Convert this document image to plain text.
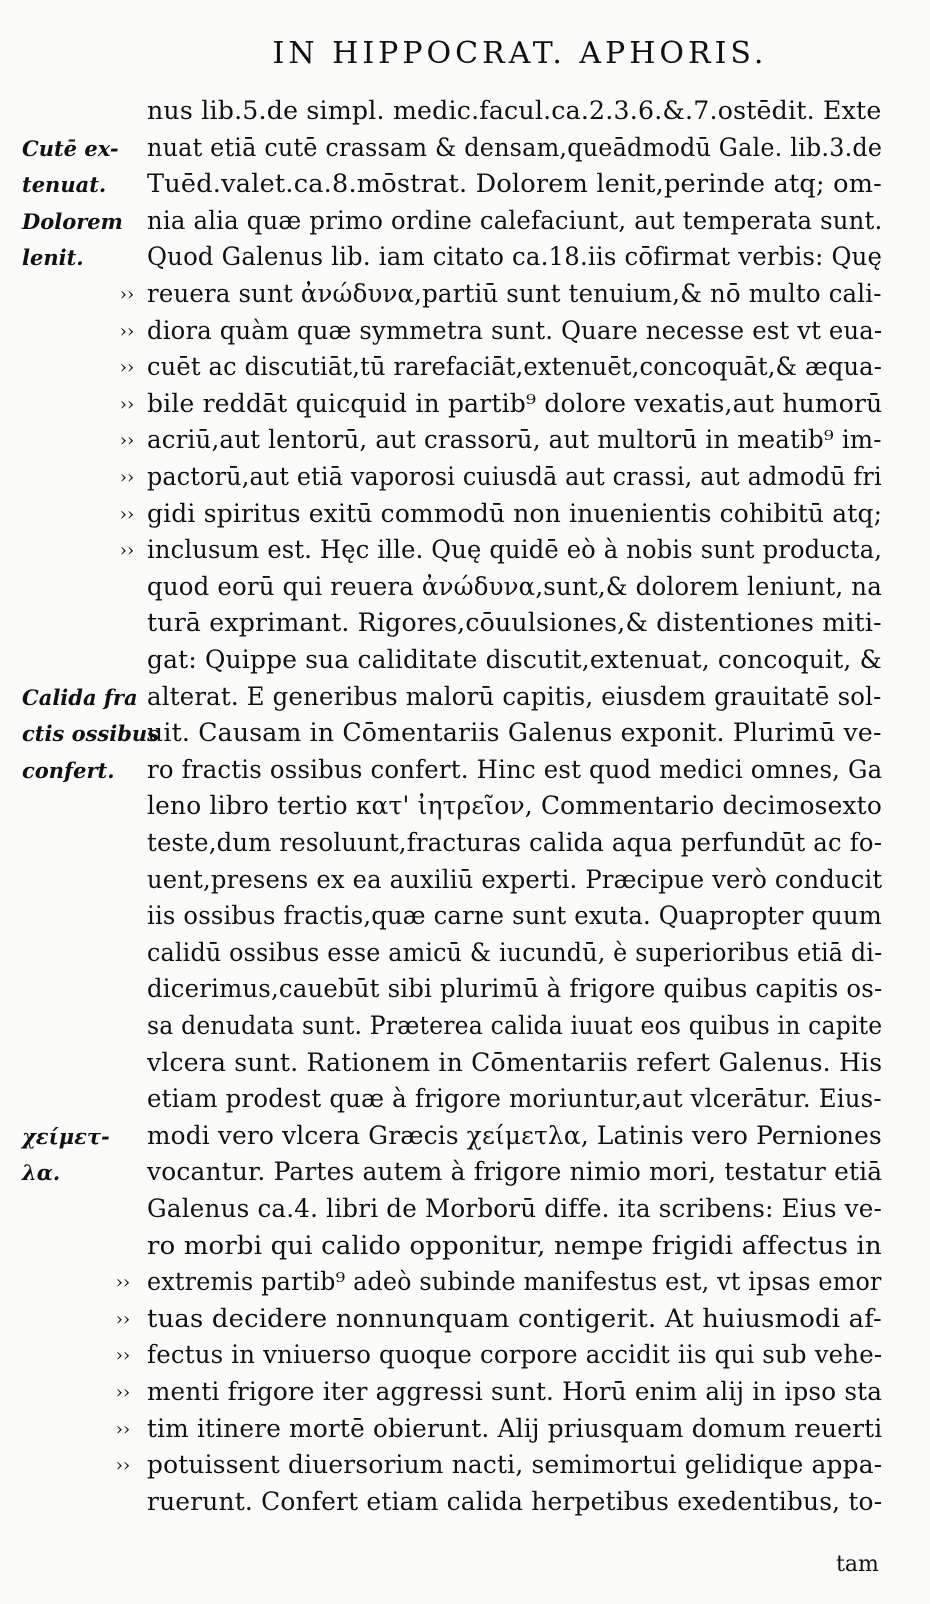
IN HIPPOCRAT. APHORIS.
nus lib.5.de simpl. medic.facul.ca.2.3.6.&.7.ostēdit. Exte
nuat etiā cutē crassam & densam,queādmodū Gale. lib.3.de
Tuēd.valet.ca.8.mōstrat. Dolorem lenit,perinde atq; om-
nia alia quæ primo ordine calefaciunt, aut temperata sunt.
Quod Galenus lib. iam citato ca.18.iis cōfirmat verbis: Quę
reuera sunt ἀνώδυνα,partiū sunt tenuium,& nō multo cali-
diora quàm quæ symmetra sunt. Quare necesse est vt eua-
cuēt ac discutiāt,tū rarefaciāt,extenuēt,concoquāt,& æqua-
bile reddāt quicquid in partib⁹ dolore vexatis,aut humorū
acriū,aut lentorū, aut crassorū, aut multorū in meatib⁹ im-
pactorū,aut etiā vaporosi cuiusdā aut crassi, aut admodū fri
gidi spiritus exitū commodū non inuenientis cohibitū atq;
inclusum est. Hęc ille. Quę quidē eò à nobis sunt producta,
quod eorū qui reuera ἀνώδυνα,sunt,& dolorem leniunt, na
turā exprimant. Rigores,cōuulsiones,& distentiones miti-
gat: Quippe sua caliditate discutit,extenuat, concoquit, &
alterat. E generibus malorū capitis, eiusdem grauitatē sol-
uit. Causam in Cōmentariis Galenus exponit. Plurimū ve-
ro fractis ossibus confert. Hinc est quod medici omnes, Ga
leno libro tertio κατ' ἰητρεῖον, Commentario decimosexto
teste,dum resoluunt,fracturas calida aqua perfundūt ac fo-
uent,presens ex ea auxiliū experti. Præcipue verò conducit
iis ossibus fractis,quæ carne sunt exuta. Quapropter quum
calidū ossibus esse amicū & iucundū, è superioribus etiā di-
dicerimus,cauebūt sibi plurimū à frigore quibus capitis os-
sa denudata sunt. Præterea calida iuuat eos quibus in capite
vlcera sunt. Rationem in Cōmentariis refert Galenus. His
etiam prodest quæ à frigore moriuntur,aut vlcerātur. Eius-
modi vero vlcera Græcis χείμετλα, Latinis vero Perniones
vocantur. Partes autem à frigore nimio mori, testatur etiā
Galenus ca.4. libri de Morborū diffe. ita scribens: Eius ve-
ro morbi qui calido opponitur, nempe frigidi affectus in
extremis partib⁹ adeò subinde manifestus est, vt ipsas emor
tuas decidere nonnunquam contigerit. At huiusmodi af-
fectus in vniuerso quoque corpore accidit iis qui sub vehe-
menti frigore iter aggressi sunt. Horū enim alij in ipso sta
tim itinere mortē obierunt. Alij priusquam domum reuerti
potuissent diuersorium nacti, semimortui gelidique appa-
ruerunt. Confert etiam calida herpetibus exedentibus, to-
››
››
››
››
››
››
››
››
››
››
››
››
››
››
Cutē ex-
tenuat.
Dolorem
lenit.
Calida fra
ctis ossibus
confert.
χείμετ-
λα.
tam
